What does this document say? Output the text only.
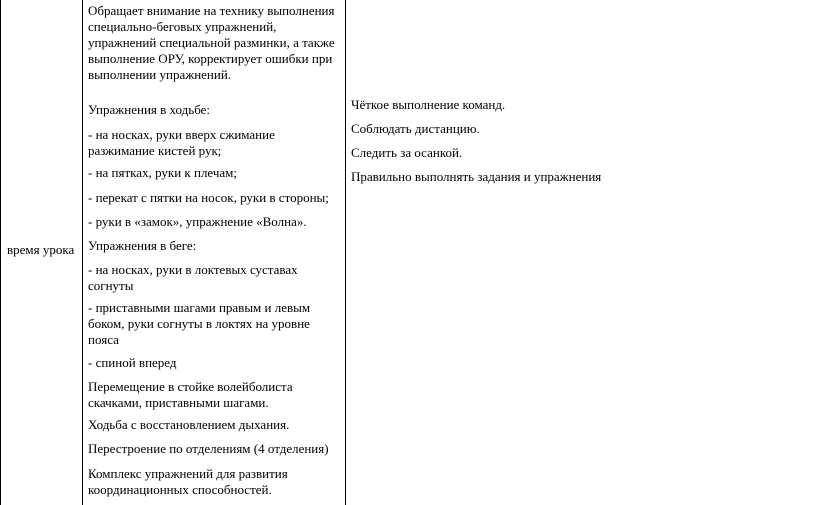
время урока

Обращает внимание на технику выполнения специально-беговых упражнений, упражнений специальной разминки, а также выполнение ОРУ, корректирует ошибки при выполнении упражнений.

Упражнения в ходьбе:

- на носках, руки вверх сжимание разжимание кистей рук;

- на пятках, руки к плечам;

- перекат с пятки на носок, руки в стороны;

- руки в «замок», упражнение «Волна».

Упражнения в беге:

- на носках, руки в локтевых суставах согнуты

- приставными шагами правым и левым боком, руки согнуты в локтях на уровне пояса

- спиной вперед

Перемещение в стойке волейболиста скачками, приставными шагами.

Ходьба с восстановлением дыхания.

Перестроение по отделениям (4 отделения)

Комплекс упражнений для развития координационных способностей.

Чёткое выполнение команд.
Соблюдать дистанцию.
Следить за осанкой.
Правильно выполнять задания и упражнения
